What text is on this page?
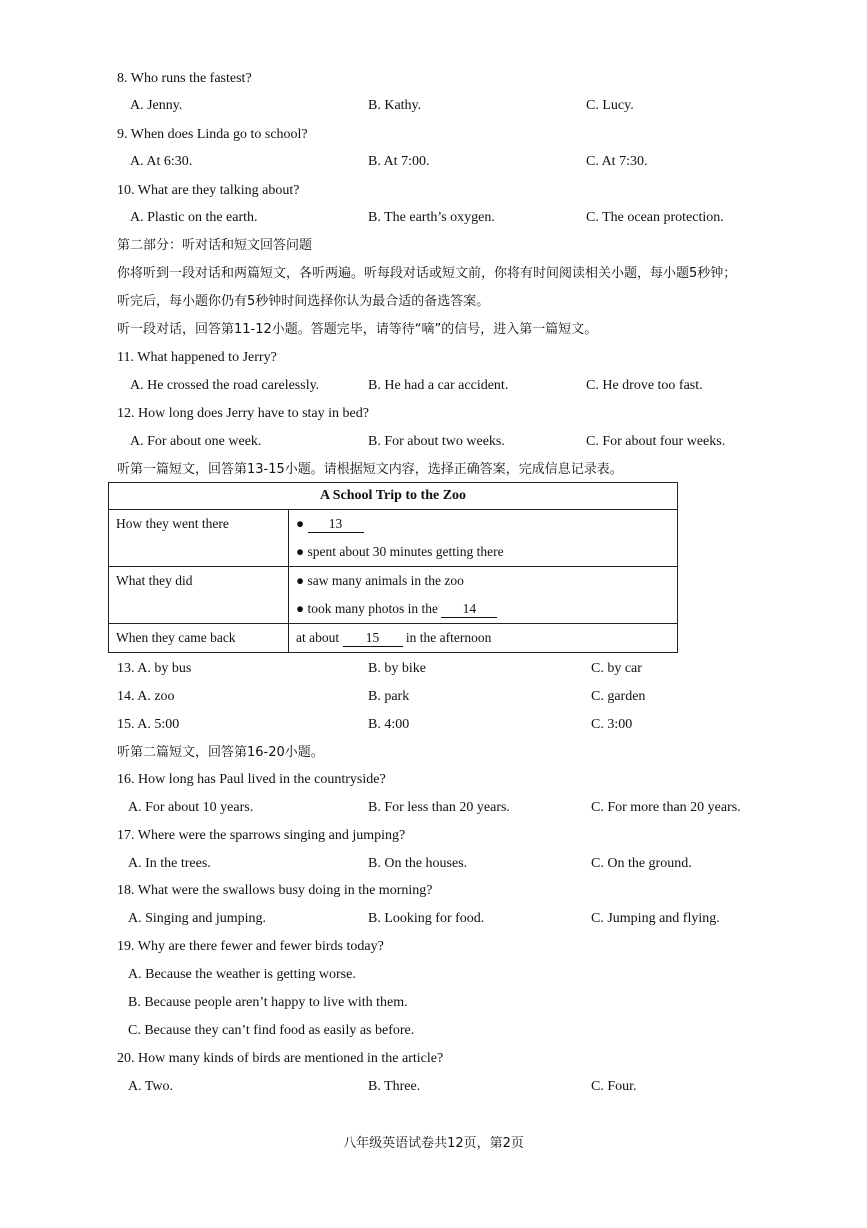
8. Who runs the fastest?
A. Jenny.	B. Kathy.	C. Lucy.
9. When does Linda go to school?
A. At 6:30.	B. At 7:00.	C. At 7:30.
10. What are they talking about?
A. Plastic on the earth.	B. The earth’s oxygen.	C. The ocean protection.
第二部分：听对话和短文回答问题
你将听到一段对话和两篇短文，各听两遍。听每段对话或短文前，你将有时间阅读相关小题，每小题5秒钟；
听完后，每小题你仍有5秒钟时间选择你认为最合适的备选答案。
听一段对话，回答第11-12小题。答题完毕，请等待“嘀”的信号，进入第一篇短文。
11. What happened to Jerry?
A. He crossed the road carelessly.	B. He had a car accident.	C. He drove too fast.
12. How long does Jerry have to stay in bed?
A. For about one week.	B. For about two weeks.	C. For about four weeks.
听第一篇短文，回答第13-15小题。请根据短文内容，选择正确答案，完成信息记录表。
A School Trip to the Zoo	

How they went there	● 13
● spent about 30 minutes getting there

What they did	● saw many animals in the zoo
● took many photos in the 14

When they came back	at about 15 in the afternoon
13. A. by bus	B. by bike	C. by car
14. A. zoo	B. park	C. garden
15. A. 5:00	B. 4:00	C. 3:00
听第二篇短文，回答第16-20小题。
16. How long has Paul lived in the countryside?
A. For about 10 years.	B. For less than 20 years.	C. For more than 20 years.
17. Where were the sparrows singing and jumping?
A. In the trees.	B. On the houses.	C. On the ground.
18. What were the swallows busy doing in the morning?
A. Singing and jumping.	B. Looking for food.	C. Jumping and flying.
19. Why are there fewer and fewer birds today?
A. Because the weather is getting worse.
B. Because people aren’t happy to live with them.
C. Because they can’t find food as easily as before.
20. How many kinds of birds are mentioned in the article?
A. Two.	B. Three.	C. Four.
八年级英语试卷共12页，第2页
